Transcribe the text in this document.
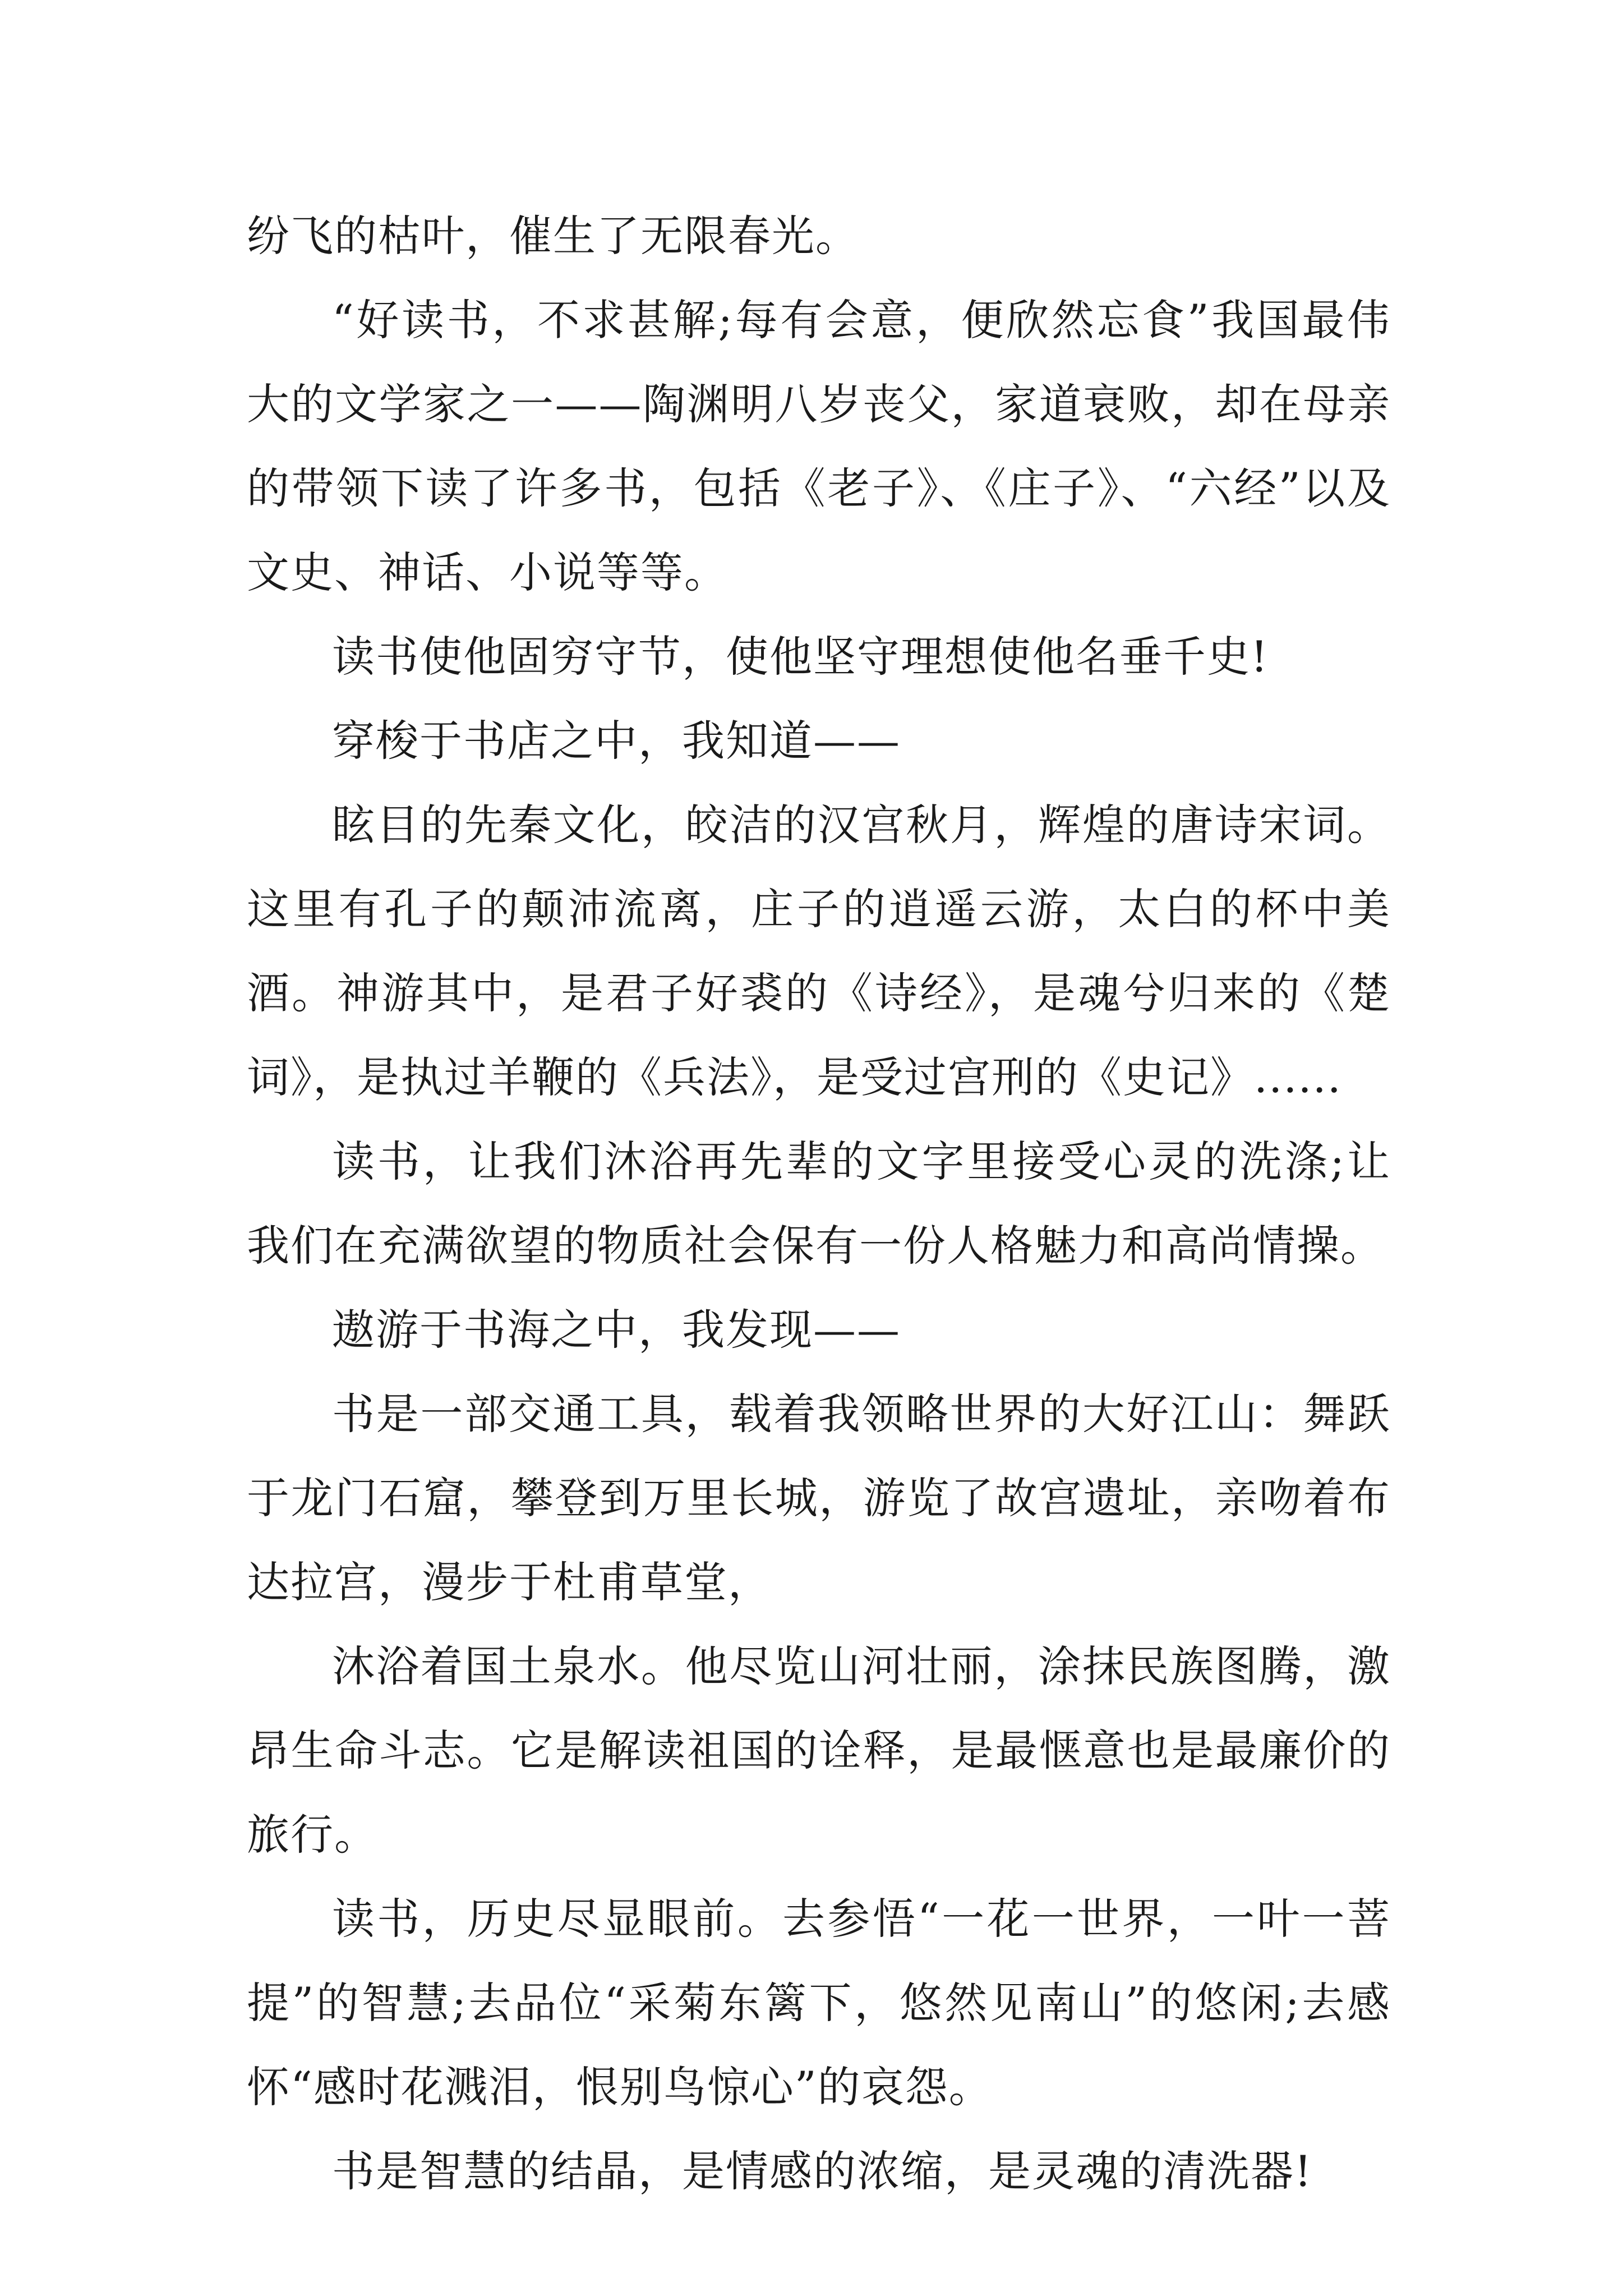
纷飞的枯叶，催生了无限春光。

“好读书，不求甚解;每有会意，便欣然忘食”我国最伟大的文学家之一——陶渊明八岁丧父，家道衰败，却在母亲的带领下读了许多书，包括《老子》、《庄子》、“六经”以及文史、神话、小说等等。

读书使他固穷守节，使他坚守理想使他名垂千史!

穿梭于书店之中，我知道——

眩目的先秦文化，皎洁的汉宫秋月，辉煌的唐诗宋词。这里有孔子的颠沛流离，庄子的逍遥云游，太白的杯中美酒。神游其中，是君子好裘的《诗经》，是魂兮归来的《楚词》，是执过羊鞭的《兵法》，是受过宫刑的《史记》......

读书，让我们沐浴再先辈的文字里接受心灵的洗涤;让我们在充满欲望的物质社会保有一份人格魅力和高尚情操。

遨游于书海之中，我发现——

书是一部交通工具，载着我领略世界的大好江山：舞跃于龙门石窟，攀登到万里长城，游览了故宫遗址，亲吻着布达拉宫，漫步于杜甫草堂，

沐浴着国土泉水。他尽览山河壮丽，涂抹民族图腾，激昂生命斗志。它是解读祖国的诠释，是最惬意也是最廉价的旅行。

读书，历史尽显眼前。去参悟“一花一世界，一叶一菩提”的智慧;去品位“采菊东篱下，悠然见南山”的悠闲;去感怀“感时花溅泪，恨别鸟惊心”的哀怨。

书是智慧的结晶，是情感的浓缩，是灵魂的清洗器!
